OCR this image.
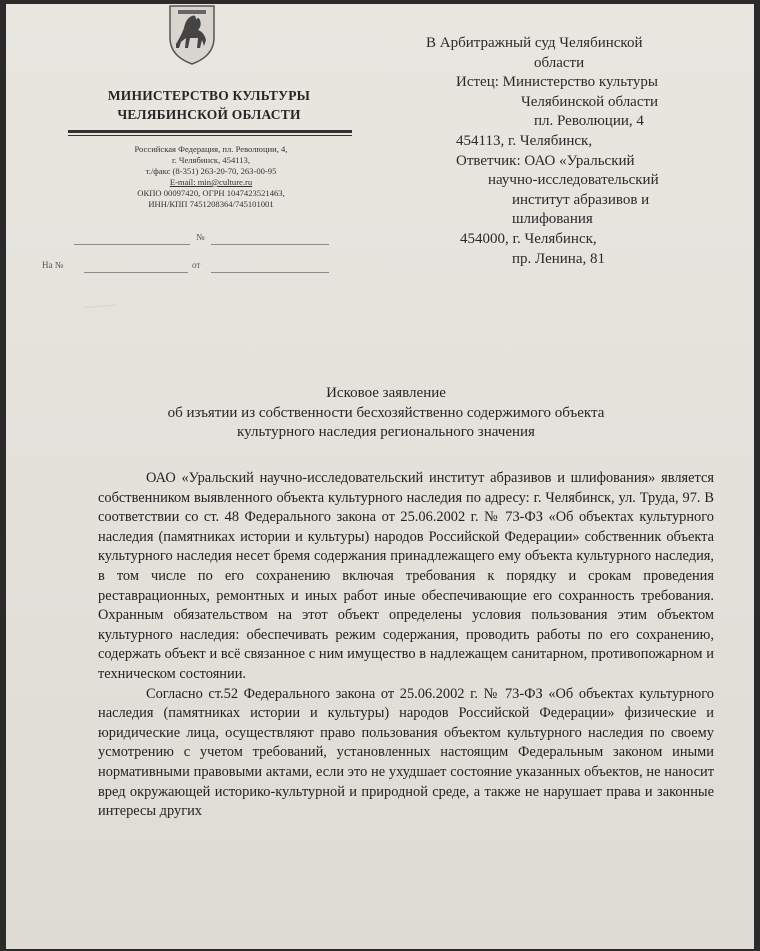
МИНИСТЕРСТВО КУЛЬТУРЫ
ЧЕЛЯБИНСКОЙ ОБЛАСТИ
Российская Федерация, пл. Революции, 4,
г. Челябинск, 454113,
т./факс (8-351) 263-20-70, 263-00-95
E-mail: min@culture.ru
ОКПО 00097420, ОГРН 1047423521463,
ИНН/КПП 7451208364/745101001
№
На №	от
~~~~~~
В Арбитражный суд Челябинской
области
Истец: Министерство культуры
Челябинской области
пл. Революции, 4
454113, г. Челябинск,
Ответчик: ОАО «Уральский
научно-исследовательский
институт абразивов и
шлифования
454000, г. Челябинск,
пр. Ленина, 81
Исковое заявление
об изъятии из собственности бесхозяйственно содержимого объекта
культурного наследия регионального значения

ОАО «Уральский научно-исследовательский институт абразивов и шлифования» является собственником выявленного объекта культурного наследия по адресу: г. Челябинск, ул. Труда, 97. В соответствии со ст. 48 Федерального закона от 25.06.2002 г. № 73-ФЗ «Об объектах культурного наследия (памятниках истории и культуры) народов Российской Федерации» собственник объекта культурного наследия несет бремя содержания принадлежащего ему объекта культурного наследия, в том числе по его сохранению включая требования к порядку и срокам проведения реставрационных, ремонтных и иных работ иные обеспечивающие его сохранность требования. Охранным обязательством на этот объект определены условия пользования этим объектом культурного наследия: обеспечивать режим содержания, проводить работы по его сохранению, содержать объект и всё связанное с ним имущество в надлежащем санитарном, противопожарном и техническом состоянии.

Согласно ст.52 Федерального закона от 25.06.2002 г. № 73-ФЗ «Об объектах культурного наследия (памятниках истории и культуры) народов Российской Федерации» физические и юридические лица, осуществляют право пользования объектом культурного наследия по своему усмотрению с учетом требований, установленных настоящим Федеральным законом иными нормативными правовыми актами, если это не ухудшает состояние указанных объектов, не наносит вред окружающей историко-культурной и природной среде, а также не нарушает права и законные интересы других
